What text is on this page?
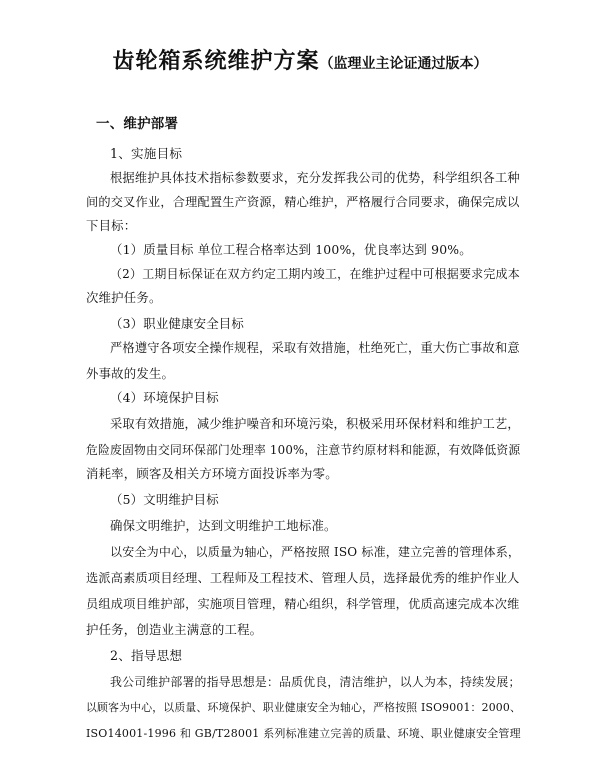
齿轮箱系统维护方案（监理业主论证通过版本）
一、维护部署
1、实施目标
根据维护具体技术指标参数要求，充分发挥我公司的优势，科学组织各工种
间的交叉作业，合理配置生产资源，精心维护，严格履行合同要求，确保完成以
下目标：
（1）质量目标 单位工程合格率达到 100%，优良率达到 90%。
（2）工期目标保证在双方约定工期内竣工，在维护过程中可根据要求完成本
次维护任务。
（3）职业健康安全目标
严格遵守各项安全操作规程，采取有效措施，杜绝死亡，重大伤亡事故和意
外事故的发生。
（4）环境保护目标
采取有效措施，减少维护噪音和环境污染，积极采用环保材料和维护工艺，
危险废固物由交同环保部门处理率 100%，注意节约原材料和能源，有效降低资源
消耗率，顾客及相关方环境方面投诉率为零。
（5）文明维护目标
确保文明维护，达到文明维护工地标准。
以安全为中心，以质量为轴心，严格按照 ISO 标准，建立完善的管理体系，
选派高素质项目经理、工程师及工程技术、管理人员，选择最优秀的维护作业人
员组成项目维护部，实施项目管理，精心组织，科学管理，优质高速完成本次维
护任务，创造业主满意的工程。
2、指导思想
我公司维护部署的指导思想是：品质优良，清洁维护，以人为本，持续发展；
以顾客为中心，以质量、环境保护、职业健康安全为轴心，严格按照 ISO9001：2000、
ISO14001-1996 和 GB/T28001 系列标准建立完善的质量、环境、职业健康安全管理
